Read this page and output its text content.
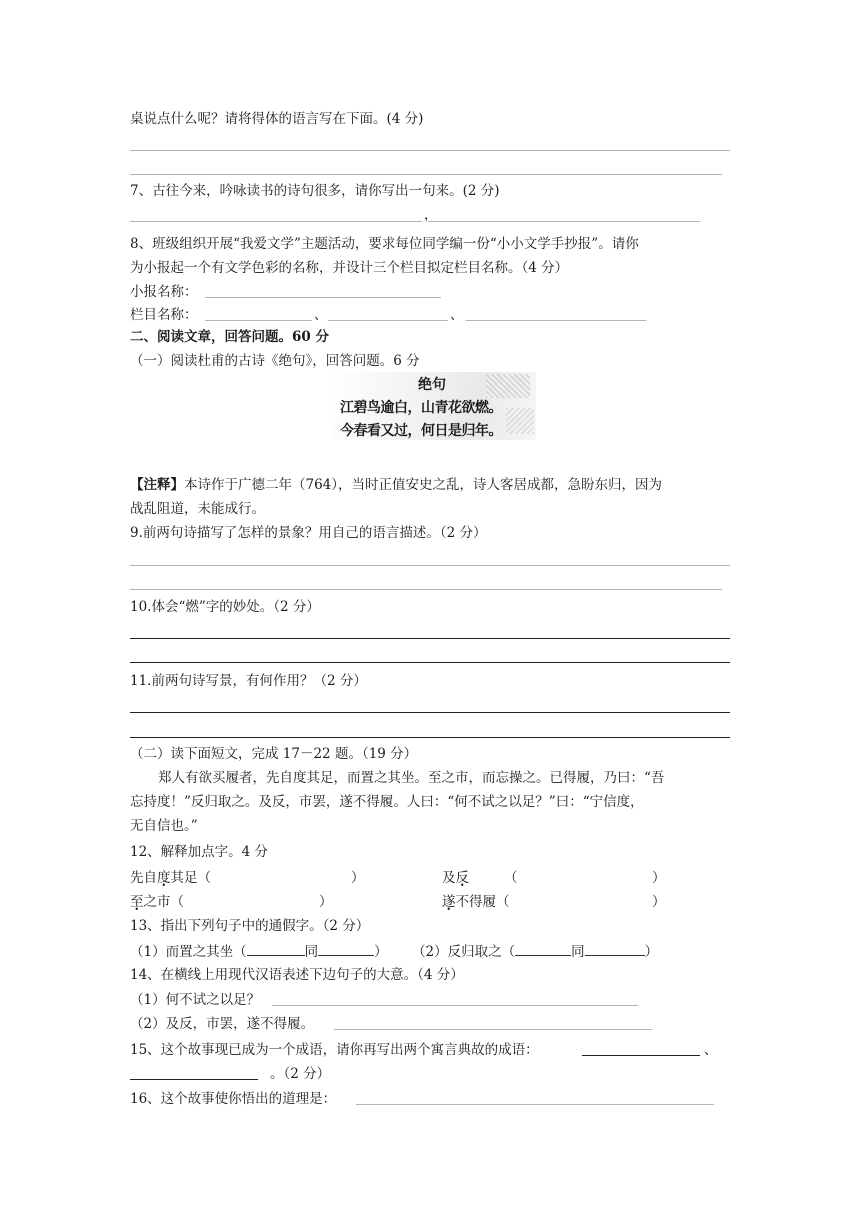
桌说点什么呢？请将得体的语言写在下面。(4 分)
7、古往今来，吟咏读书的诗句很多，请你写出一句来。(2 分)
，
8、班级组织开展“我爱文学”主题活动，要求每位同学编一份“小小文学手抄报”。请你
为小报起一个有文学色彩的名称，并设计三个栏目拟定栏目名称。（4 分）
小报名称：
栏目名称：	、	、
二、阅读文章，回答问题。60 分
（一）阅读杜甫的古诗《绝句》，回答问题。6 分
绝句
江碧鸟逾白，山青花欲燃。
今春看又过，何日是归年。
【注释】本诗作于广德二年（764），当时正值安史之乱，诗人客居成都，急盼东归，因为
战乱阻道，未能成行。
9.前两句诗描写了怎样的景象？用自己的语言描述。（2 分）
10.体会“燃”字的妙处。（2 分）
11.前两句诗写景，有何作用？（2 分）
（二）读下面短文，完成 17－22 题。（19 分）
郑人有欲买履者，先自度其足，而置之其坐。至之市，而忘操之。已得履，乃曰：“吾
忘持度！”反归取之。及反，市罢，遂不得履。人曰：“何不试之以足？”曰：“宁信度，
无自信也。”
12、解释加点字。4 分
先自度其足（	）	及反	（	）
至之市（	）	遂不得履（	）
13、指出下列句子中的通假字。（2 分）
（1）而置之其坐（	同	） （2）反归取之（	同	）
14、在横线上用现代汉语表述下边句子的大意。（4 分）
（1）何不试之以足？
（2）及反，市罢，遂不得履。
15、这个故事现已成为一个成语，请你再写出两个寓言典故的成语：	、
。（2 分）
16、这个故事使你悟出的道理是：
